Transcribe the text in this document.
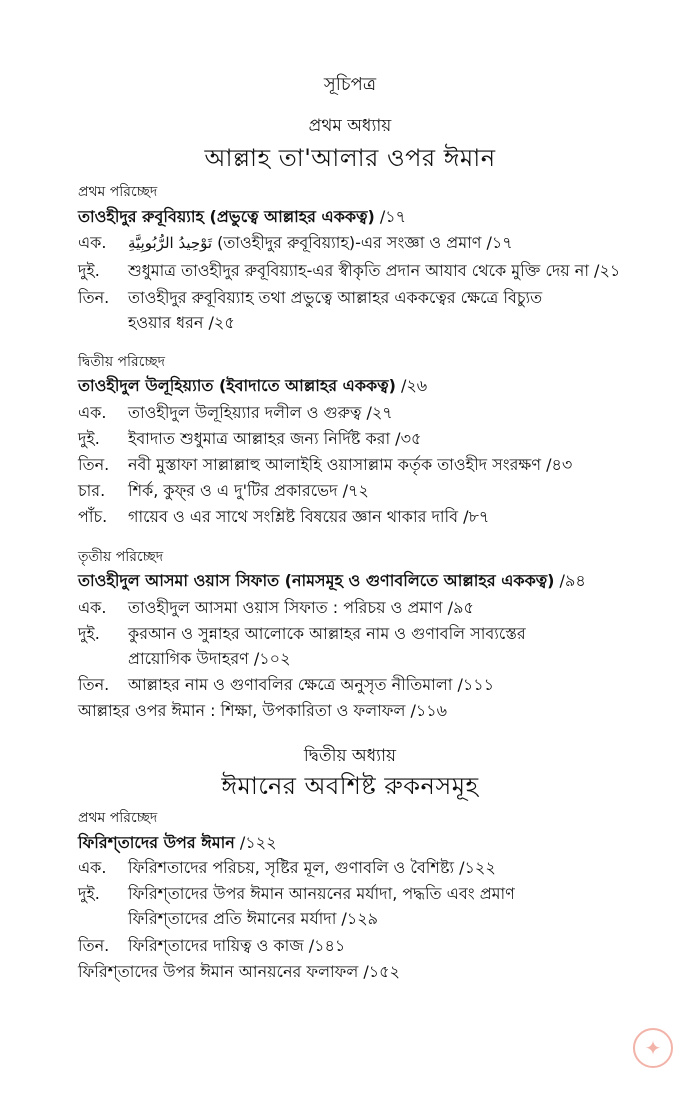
সূচিপত্র
প্রথম অধ্যায়
আল্লাহ তা'আলার ওপর ঈমান
প্রথম পরিচ্ছেদ
তাওহীদুর রুবূবিয়্যাহ (প্রভুত্বে আল্লাহর এককত্ব) /১৭
এক. تَوْحِيدُ الرُّبُوبِيَّةِ (তাওহীদুর রুবূবিয়্যাহ)-এর সংজ্ঞা ও প্রমাণ /১৭
দুই. শুধুমাত্র তাওহীদুর রুবূবিয়্যাহ-এর স্বীকৃতি প্রদান আযাব থেকে মুক্তি দেয় না /২১
তিন. তাওহীদুর রুবূবিয়্যাহ তথা প্রভুত্বে আল্লাহর এককত্বের ক্ষেত্রে বিচ্যুত
হওয়ার ধরন /২৫
দ্বিতীয় পরিচ্ছেদ
তাওহীদুল উলূহিয়্যাত (ইবাদাতে আল্লাহর এককত্ব) /২৬
এক. তাওহীদুল উলূহিয়্যার দলীল ও গুরুত্ব /২৭
দুই. ইবাদাত শুধুমাত্র আল্লাহর জন্য নির্দিষ্ট করা /৩৫
তিন. নবী মুস্তাফা সাল্লাল্লাহু আলাইহি ওয়াসাল্লাম কর্তৃক তাওহীদ সংরক্ষণ /৪৩
চার. শির্ক, কুফ্‌র ও এ দু'টির প্রকারভেদ /৭২
পাঁচ. গায়েব ও এর সাথে সংশ্লিষ্ট বিষয়ের জ্ঞান থাকার দাবি /৮৭
তৃতীয় পরিচ্ছেদ
তাওহীদুল আসমা ওয়াস সিফাত (নামসমূহ ও গুণাবলিতে আল্লাহর এককত্ব) /৯৪
এক. তাওহীদুল আসমা ওয়াস সিফাত : পরিচয় ও প্রমাণ /৯৫
দুই. কুরআন ও সুন্নাহর আলোকে আল্লাহর নাম ও গুণাবলি সাব্যস্তের
প্রায়োগিক উদাহরণ /১০২
তিন. আল্লাহর নাম ও গুণাবলির ক্ষেত্রে অনুসৃত নীতিমালা /১১১
আল্লাহর ওপর ঈমান : শিক্ষা, উপকারিতা ও ফলাফল /১১৬
দ্বিতীয় অধ্যায়
ঈমানের অবশিষ্ট রুকনসমূহ
প্রথম পরিচ্ছেদ
ফিরিশ্‌তাদের উপর ঈমান /১২২
এক. ফিরিশতাদের পরিচয়, সৃষ্টির মূল, গুণাবলি ও বৈশিষ্ট্য /১২২
দুই. ফিরিশ্‌তাদের উপর ঈমান আনয়নের মর্যাদা, পদ্ধতি এবং প্রমাণ
ফিরিশ্‌তাদের প্রতি ঈমানের মর্যাদা /১২৯
তিন. ফিরিশ্‌তাদের দায়িত্ব ও কাজ /১৪১
ফিরিশ্‌তাদের উপর ঈমান আনয়নের ফলাফল /১৫২
✦
